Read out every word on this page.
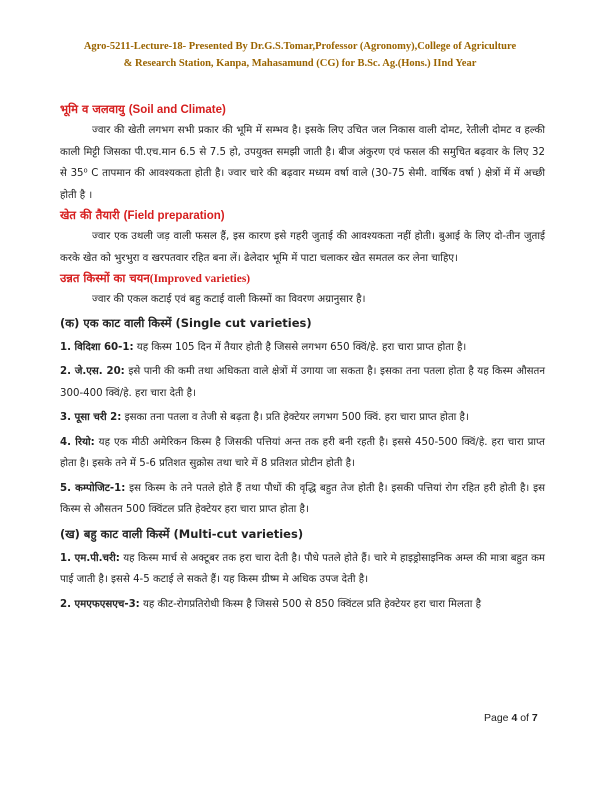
Agro-5211-Lecture-18- Presented By Dr.G.S.Tomar,Professor (Agronomy),College of Agriculture
& Research Station, Kanpa, Mahasamund (CG) for B.Sc. Ag.(Hons.) IInd Year
भूमि व जलवायु (Soil and Climate)

ज्वार की खेती लगभग सभी प्रकार की भूमि में सम्भव है। इसके लिए उचित जल निकास वाली दोमट, रेतीली दोमट व हल्की काली मिट्टी जिसका पी.एच.मान 6.5 से 7.5 हो, उपयुक्त समझी जाती है। बीज अंकुरण एवं फसल की समुचित बढ़वार के लिए 32 से 35⁰ C तापमान की आवश्यकता होती है। ज्वार चारे की बढ़वार मध्यम वर्षा वाले (30-75 सेमी. वार्षिक वर्षा ) क्षेत्रों में में अच्छी होती है ।

खेत की तैयारी (Field preparation)

ज्वार एक उथली जड़ वाली फसल हैं, इस कारण इसे गहरी जुताई की आवश्यकता नहीं होती। बुआई के लिए दो-तीन जुताई करके खेत को भुरभुरा व खरपतवार रहित बना लें। ढेलेदार भूमि में पाटा चलाकर खेत समतल कर लेना चाहिए।

उन्नत किस्मों का चयन(Improved varieties)

ज्वार की एकल कटाई एवं बहु कटाई वाली किस्मों का विवरण अग्रानुसार है।

(क) एक काट वाली किस्में (Single cut varieties)

1. विदिशा 60-1: यह किस्म 105 दिन में तैयार होती है जिससे लगभग 650 क्विं/हे. हरा चारा प्राप्त होता है।

2. जे.एस. 20: इसे पानी की कमी तथा अधिकता वाले क्षेत्रों में उगाया जा सकता है। इसका तना पतला होता है यह किस्म औसतन 300-400 क्विं/हे. हरा चारा देती है।

3. पूसा चरी 2: इसका तना पतला व तेजी से बढ़ता है। प्रति हेक्टेयर लगभग 500 क्विं. हरा चारा प्राप्त होता है।

4. रियो: यह एक मीठी अमेरिकन किस्म है जिसकी पत्तियां अन्त तक हरी बनी रहती है। इससे 450-500 क्विं/हे. हरा चारा प्राप्त होता है। इसके तने में 5-6 प्रतिशत सुक्रोस तथा चारे में 8 प्रतिशत प्रोटीन होती है।

5. कम्पोजिट-1: इस किस्म के तने पतले होते हैं तथा पौधों की वृद्धि बहुत तेज होती है। इसकी पत्तियां रोग रहित हरी होती है। इस किस्म से औसतन 500 क्विंटल प्रति हेक्टेयर हरा चारा प्राप्त होता है।

(ख) बहु काट वाली किस्में (Multi-cut varieties)

1. एम.पी.चरी: यह किस्म मार्च से अक्टूबर तक हरा चारा देती है। पौधे पतले होते हैं। चारे मे हाइड्रोसाइनिक अम्ल की मात्रा बहुत कम पाई जाती है। इससे 4-5 कटाई ले सकते हैं। यह किस्म ग्रीष्म मे अधिक उपज देती है।

2. एमएफएसएच-3: यह कीट-रोगप्रतिरोधी किस्म है जिससे 500 से 850 क्विंटल प्रति हेक्टेयर हरा चारा मिलता है

Page 4 of 7
